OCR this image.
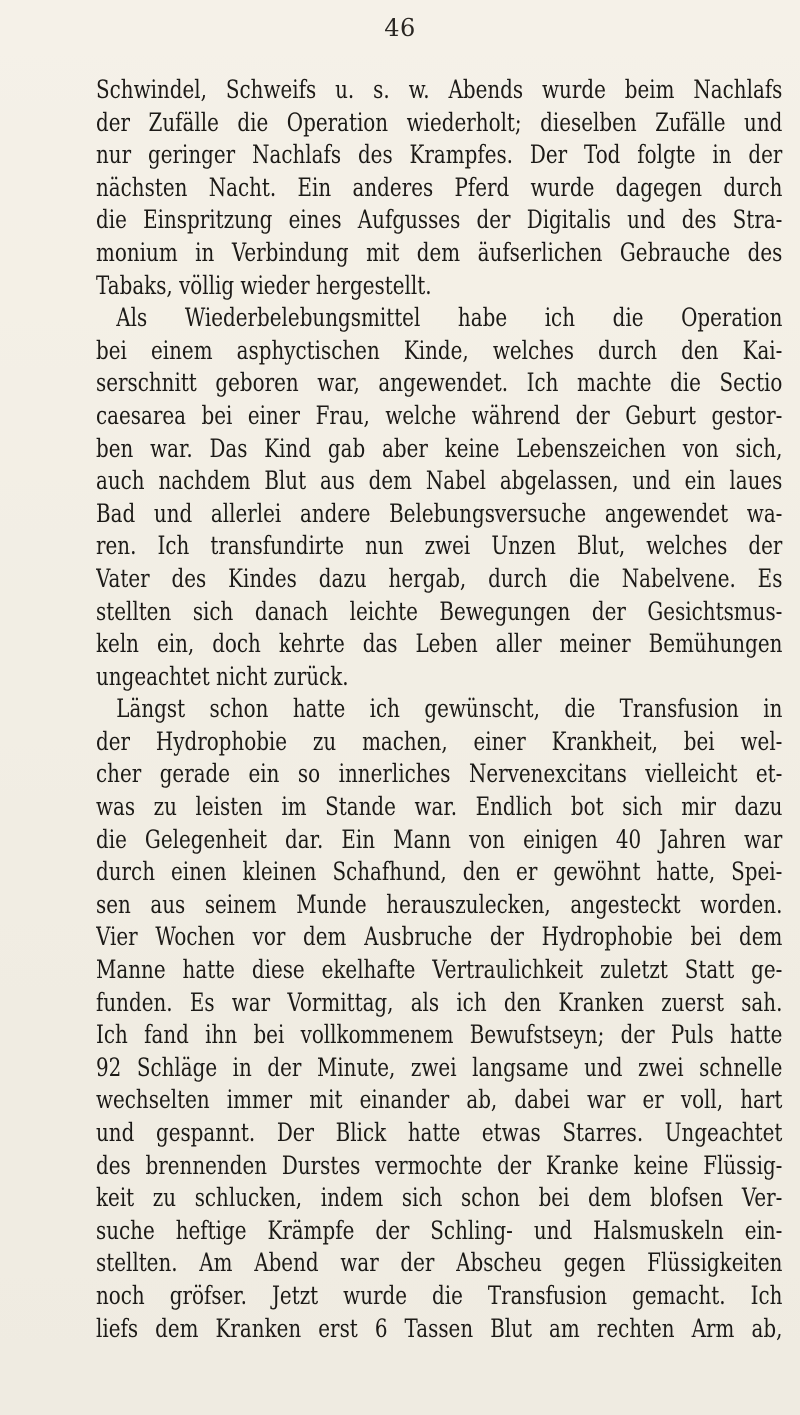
46
Schwindel, Schweifs u. s. w. Abends wurde beim Nachlafs
der Zufälle die Operation wiederholt; dieselben Zufälle und
nur geringer Nachlafs des Krampfes. Der Tod folgte in der
nächsten Nacht. Ein anderes Pferd wurde dagegen durch
die Einspritzung eines Aufgusses der Digitalis und des Stra-
monium in Verbindung mit dem äufserlichen Gebrauche des
Tabaks, völlig wieder hergestellt.
Als Wiederbelebungsmittel habe ich die Operation
bei einem asphyctischen Kinde, welches durch den Kai-
serschnitt geboren war, angewendet. Ich machte die Sectio
caesarea bei einer Frau, welche während der Geburt gestor-
ben war. Das Kind gab aber keine Lebenszeichen von sich,
auch nachdem Blut aus dem Nabel abgelassen, und ein laues
Bad und allerlei andere Belebungsversuche angewendet wa-
ren. Ich transfundirte nun zwei Unzen Blut, welches der
Vater des Kindes dazu hergab, durch die Nabelvene. Es
stellten sich danach leichte Bewegungen der Gesichtsmus-
keln ein, doch kehrte das Leben aller meiner Bemühungen
ungeachtet nicht zurück.
Längst schon hatte ich gewünscht, die Transfusion in
der Hydrophobie zu machen, einer Krankheit, bei wel-
cher gerade ein so innerliches Nervenexcitans vielleicht et-
was zu leisten im Stande war. Endlich bot sich mir dazu
die Gelegenheit dar. Ein Mann von einigen 40 Jahren war
durch einen kleinen Schafhund, den er gewöhnt hatte, Spei-
sen aus seinem Munde herauszulecken, angesteckt worden.
Vier Wochen vor dem Ausbruche der Hydrophobie bei dem
Manne hatte diese ekelhafte Vertraulichkeit zuletzt Statt ge-
funden. Es war Vormittag, als ich den Kranken zuerst sah.
Ich fand ihn bei vollkommenem Bewufstseyn; der Puls hatte
92 Schläge in der Minute, zwei langsame und zwei schnelle
wechselten immer mit einander ab, dabei war er voll, hart
und gespannt. Der Blick hatte etwas Starres. Ungeachtet
des brennenden Durstes vermochte der Kranke keine Flüssig-
keit zu schlucken, indem sich schon bei dem blofsen Ver-
suche heftige Krämpfe der Schling- und Halsmuskeln ein-
stellten. Am Abend war der Abscheu gegen Flüssigkeiten
noch gröfser. Jetzt wurde die Transfusion gemacht. Ich
liefs dem Kranken erst 6 Tassen Blut am rechten Arm ab,
